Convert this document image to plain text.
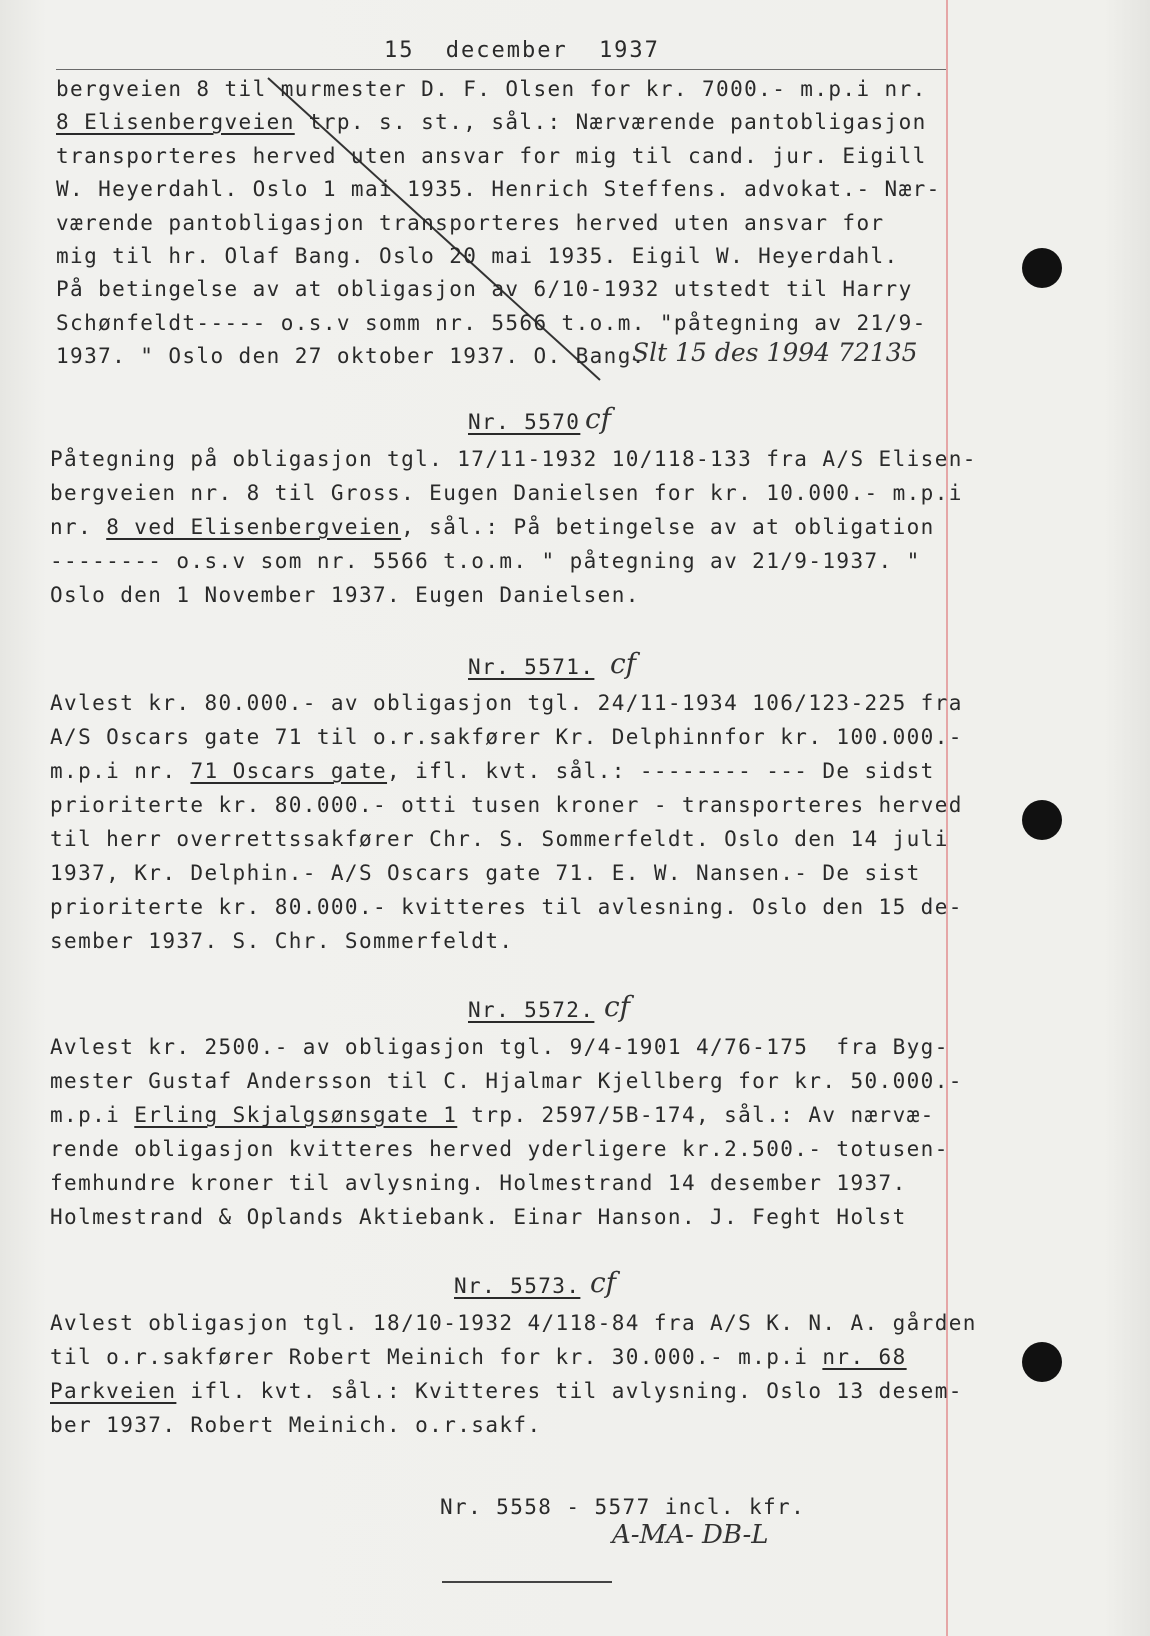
15 december 1937
bergveien 8 til murmester D. F. Olsen for kr. 7000.- m.p.i nr.
8 Elisenbergveien trp. s. st., sål.: Nærværende pantobligasjon
transporteres herved uten ansvar for mig til cand. jur. Eigill
W. Heyerdahl. Oslo 1 mai 1935. Henrich Steffens. advokat.- Nær-
værende pantobligasjon transporteres herved uten ansvar for
mig til hr. Olaf Bang. Oslo 20 mai 1935. Eigil W. Heyerdahl.
På betingelse av at obligasjon av 6/10-1932 utstedt til Harry
Schønfeldt----- o.s.v somm nr. 5566 t.o.m. "påtegning av 21/9-
1937. " Oslo den 27 oktober 1937. O. Bang.
Slt 15 des 1994 72135
Nr. 5570 cf
Påtegning på obligasjon tgl. 17/11-1932 10/118-133 fra A/S Elisen-
bergveien nr. 8 til Gross. Eugen Danielsen for kr. 10.000.- m.p.i
nr. 8 ved Elisenbergveien, sål.: På betingelse av at obligation
-------- o.s.v som nr. 5566 t.o.m. " påtegning av 21/9-1937. "
Oslo den 1 November 1937. Eugen Danielsen.
Nr. 5571. cf
Avlest kr. 80.000.- av obligasjon tgl. 24/11-1934 106/123-225 fra
A/S Oscars gate 71 til o.r.sakfører Kr. Delphinnfor kr. 100.000.-
m.p.i nr. 71 Oscars gate, ifl. kvt. sål.: -------- --- De sidst
prioriterte kr. 80.000.- otti tusen kroner - transporteres herved
til herr overrettssakfører Chr. S. Sommerfeldt. Oslo den 14 juli
1937, Kr. Delphin.- A/S Oscars gate 71. E. W. Nansen.- De sist
prioriterte kr. 80.000.- kvitteres til avlesning. Oslo den 15 de-
sember 1937. S. Chr. Sommerfeldt.
Nr. 5572. cf
Avlest kr. 2500.- av obligasjon tgl. 9/4-1901 4/76-175  fra Byg-
mester Gustaf Andersson til C. Hjalmar Kjellberg for kr. 50.000.-
m.p.i Erling Skjalgsønsgate 1 trp. 2597/5B-174, sål.: Av nærvæ-
rende obligasjon kvitteres herved yderligere kr.2.500.- totusen-
femhundre kroner til avlysning. Holmestrand 14 desember 1937.
Holmestrand & Oplands Aktiebank. Einar Hanson. J. Feght Holst
Nr. 5573. cf
Avlest obligasjon tgl. 18/10-1932 4/118-84 fra A/S K. N. A. gården
til o.r.sakfører Robert Meinich for kr. 30.000.- m.p.i nr. 68
Parkveien ifl. kvt. sål.: Kvitteres til avlysning. Oslo 13 desem-
ber 1937. Robert Meinich. o.r.sakf.
Nr. 5558 - 5577 incl. kfr.
A-MA- DB-L
